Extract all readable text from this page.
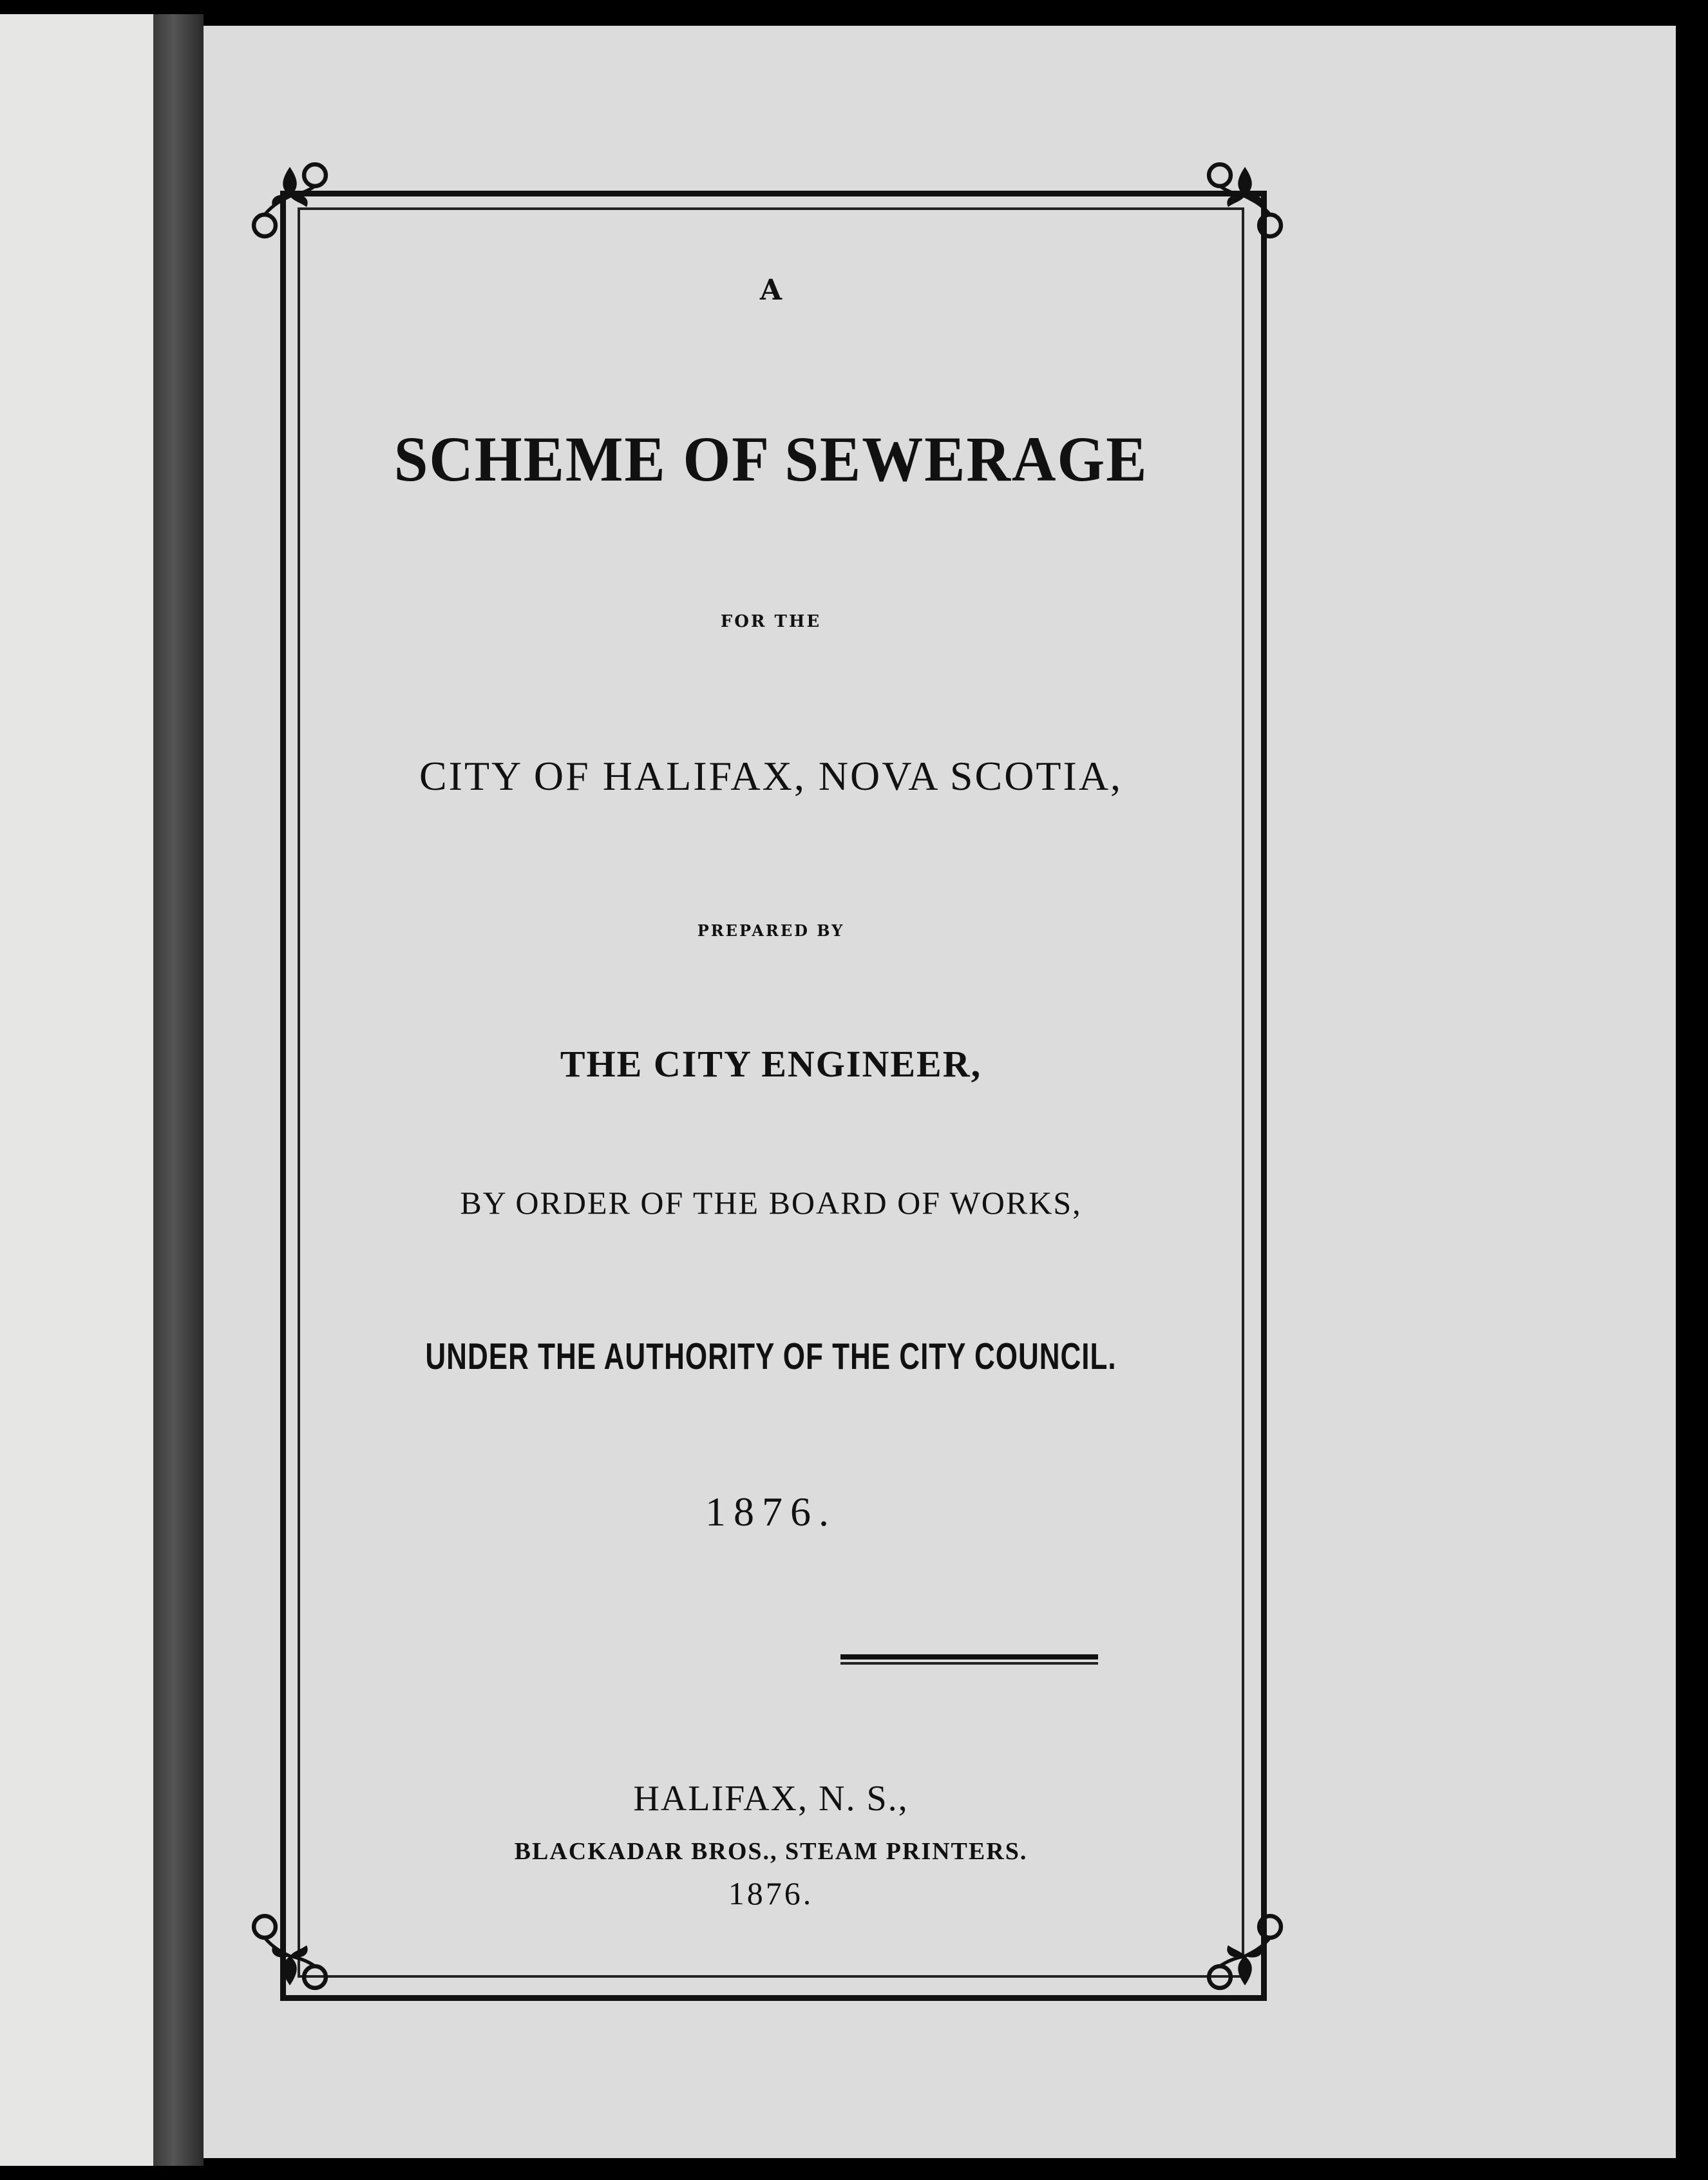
A
SCHEME OF SEWERAGE
FOR THE
CITY OF HALIFAX, NOVA SCOTIA,
PREPARED BY
THE CITY ENGINEER,
BY ORDER OF THE BOARD OF WORKS,
UNDER THE AUTHORITY OF THE CITY COUNCIL.
1876.
HALIFAX, N. S.,
BLACKADAR BROS., STEAM PRINTERS.
1876.
